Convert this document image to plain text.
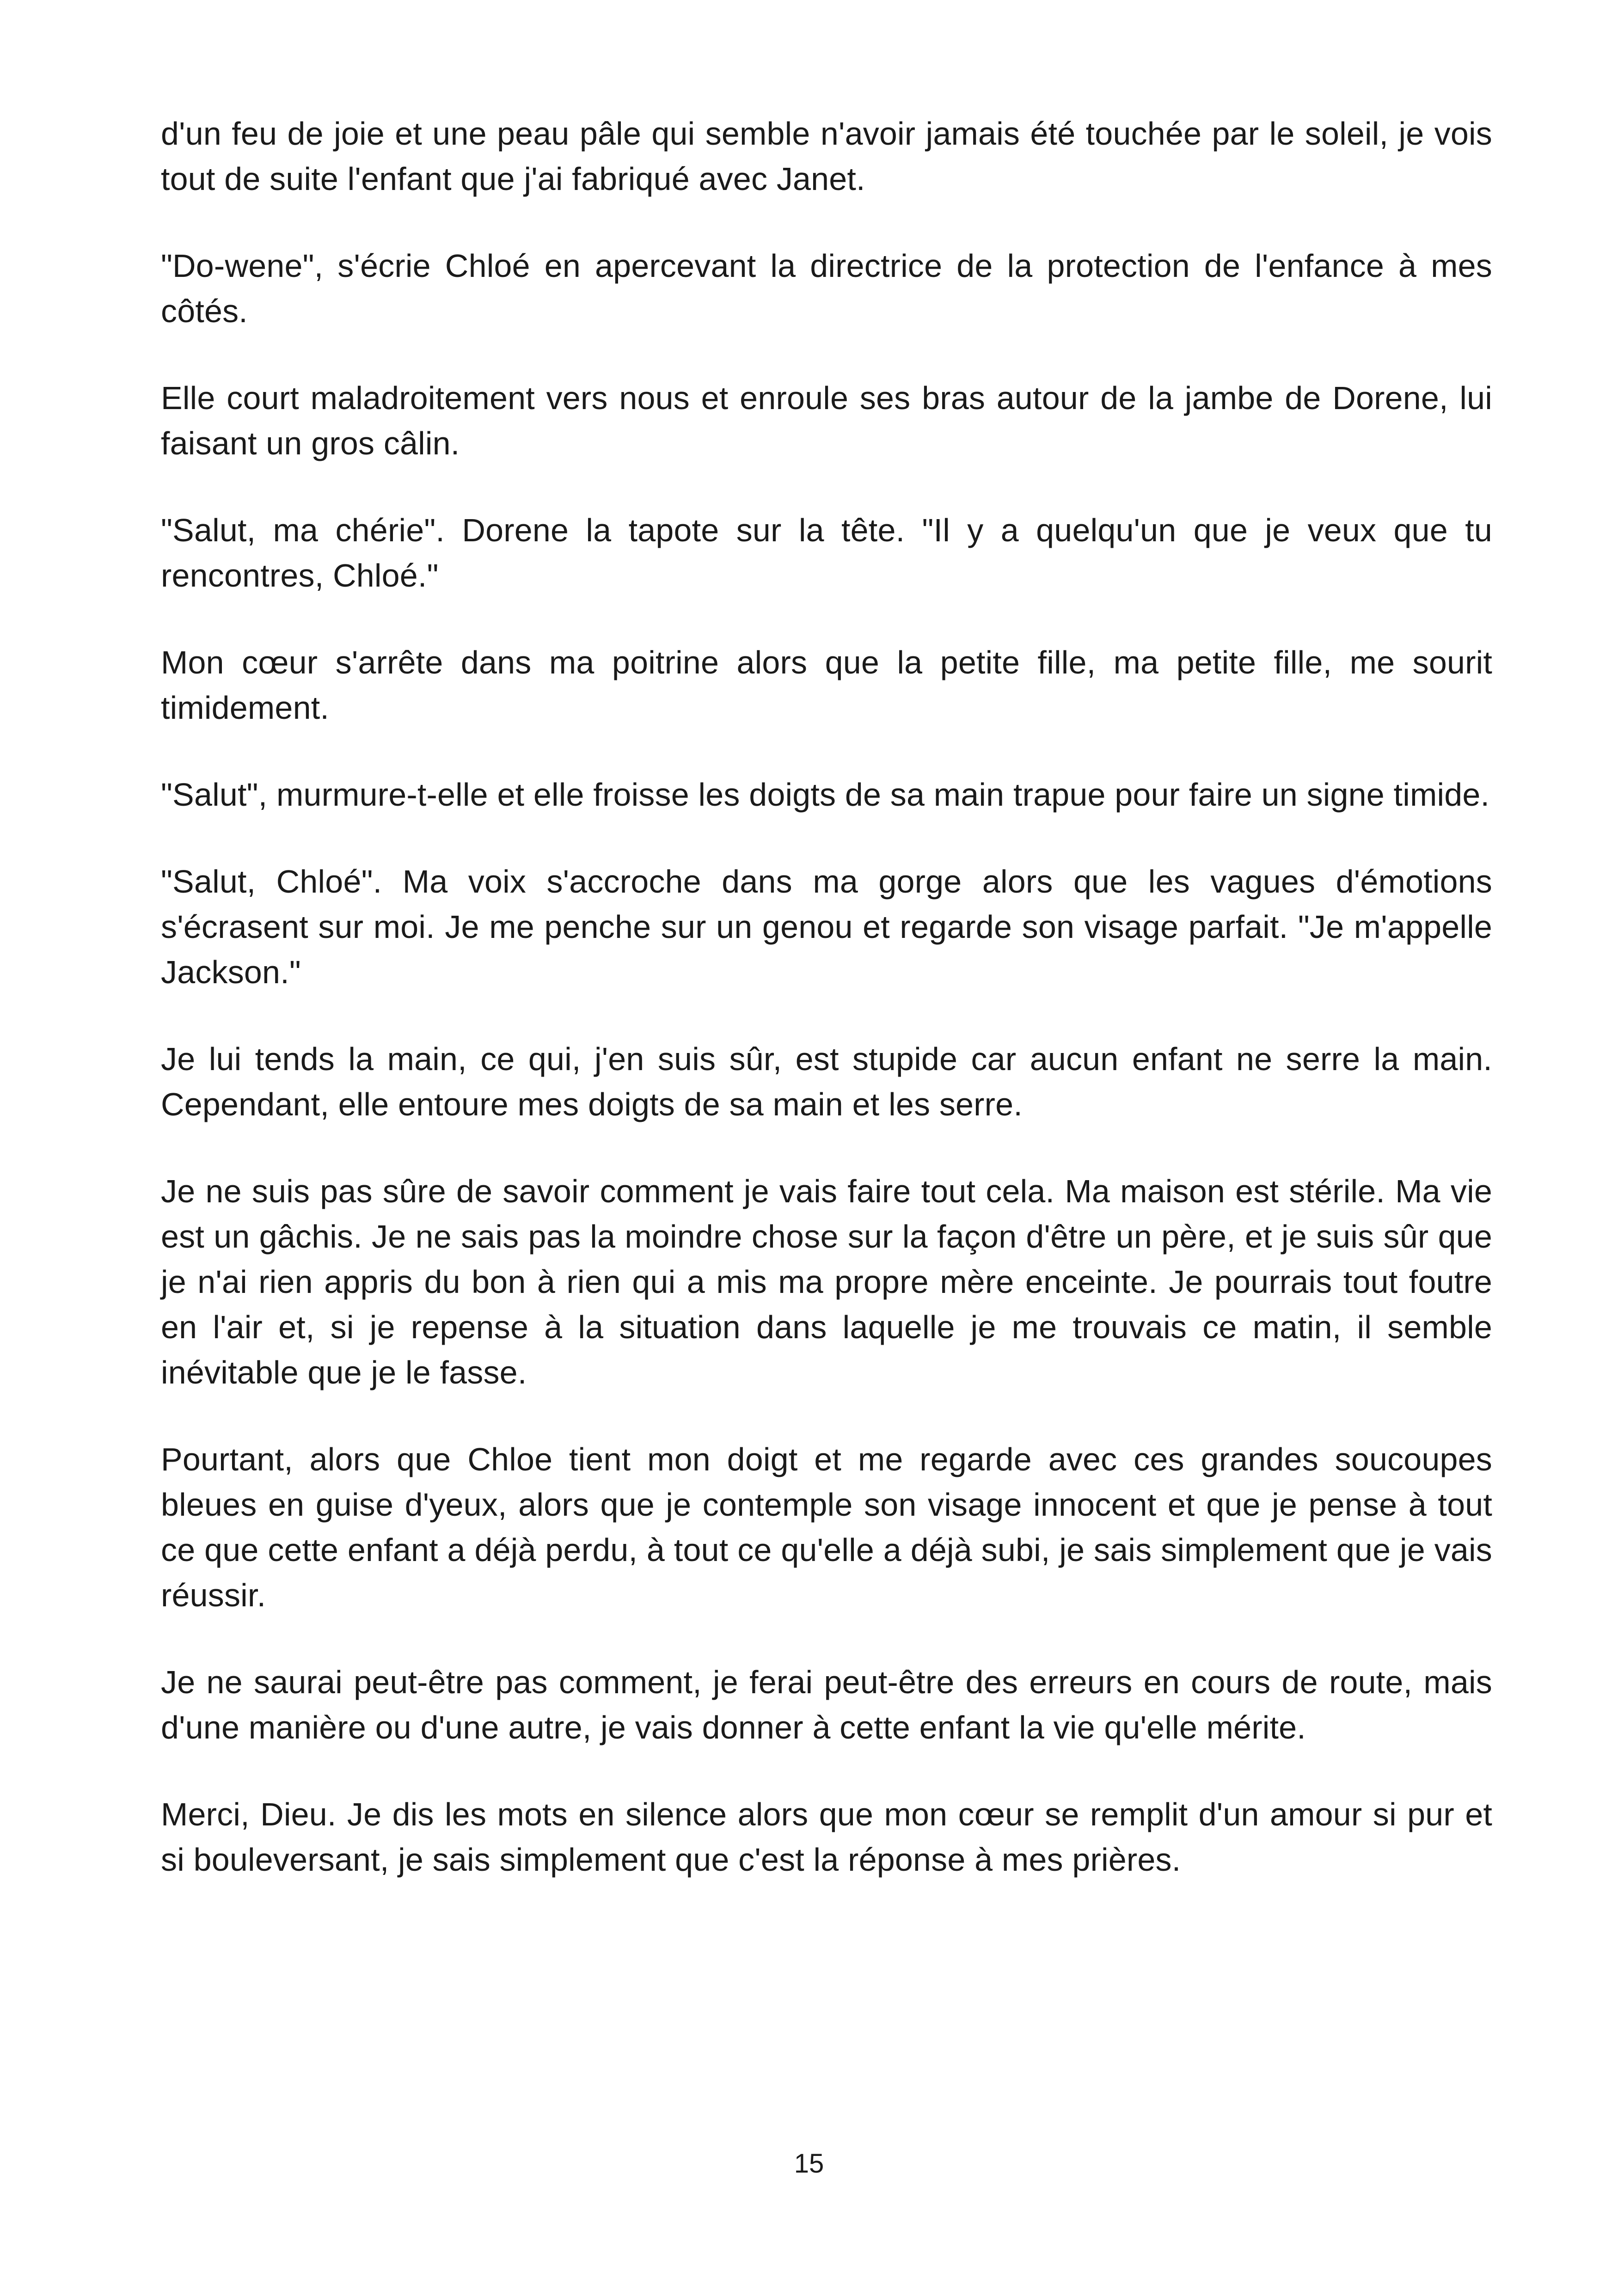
d'un feu de joie et une peau pâle qui semble n'avoir jamais été touchée par le soleil, je vois tout de suite l'enfant que j'ai fabriqué avec Janet.

"Do-wene", s'écrie Chloé en apercevant la directrice de la protection de l'enfance à mes côtés.

Elle court maladroitement vers nous et enroule ses bras autour de la jambe de Dorene, lui faisant un gros câlin.

"Salut, ma chérie". Dorene la tapote sur la tête. "Il y a quelqu'un que je veux que tu rencontres, Chloé."

Mon cœur s'arrête dans ma poitrine alors que la petite fille, ma petite fille, me sourit timidement.

"Salut", murmure-t-elle et elle froisse les doigts de sa main trapue pour faire un signe timide.

"Salut, Chloé". Ma voix s'accroche dans ma gorge alors que les vagues d'émotions s'écrasent sur moi. Je me penche sur un genou et regarde son visage parfait. "Je m'appelle Jackson."

Je lui tends la main, ce qui, j'en suis sûr, est stupide car aucun enfant ne serre la main. Cependant, elle entoure mes doigts de sa main et les serre.

Je ne suis pas sûre de savoir comment je vais faire tout cela. Ma maison est stérile. Ma vie est un gâchis. Je ne sais pas la moindre chose sur la façon d'être un père, et je suis sûr que je n'ai rien appris du bon à rien qui a mis ma propre mère enceinte. Je pourrais tout foutre en l'air et, si je repense à la situation dans laquelle je me trouvais ce matin, il semble inévitable que je le fasse.

Pourtant, alors que Chloe tient mon doigt et me regarde avec ces grandes soucoupes bleues en guise d'yeux, alors que je contemple son visage innocent et que je pense à tout ce que cette enfant a déjà perdu, à tout ce qu'elle a déjà subi, je sais simplement que je vais réussir.

Je ne saurai peut-être pas comment, je ferai peut-être des erreurs en cours de route, mais d'une manière ou d'une autre, je vais donner à cette enfant la vie qu'elle mérite.

Merci, Dieu. Je dis les mots en silence alors que mon cœur se remplit d'un amour si pur et si bouleversant, je sais simplement que c'est la réponse à mes prières.

15
